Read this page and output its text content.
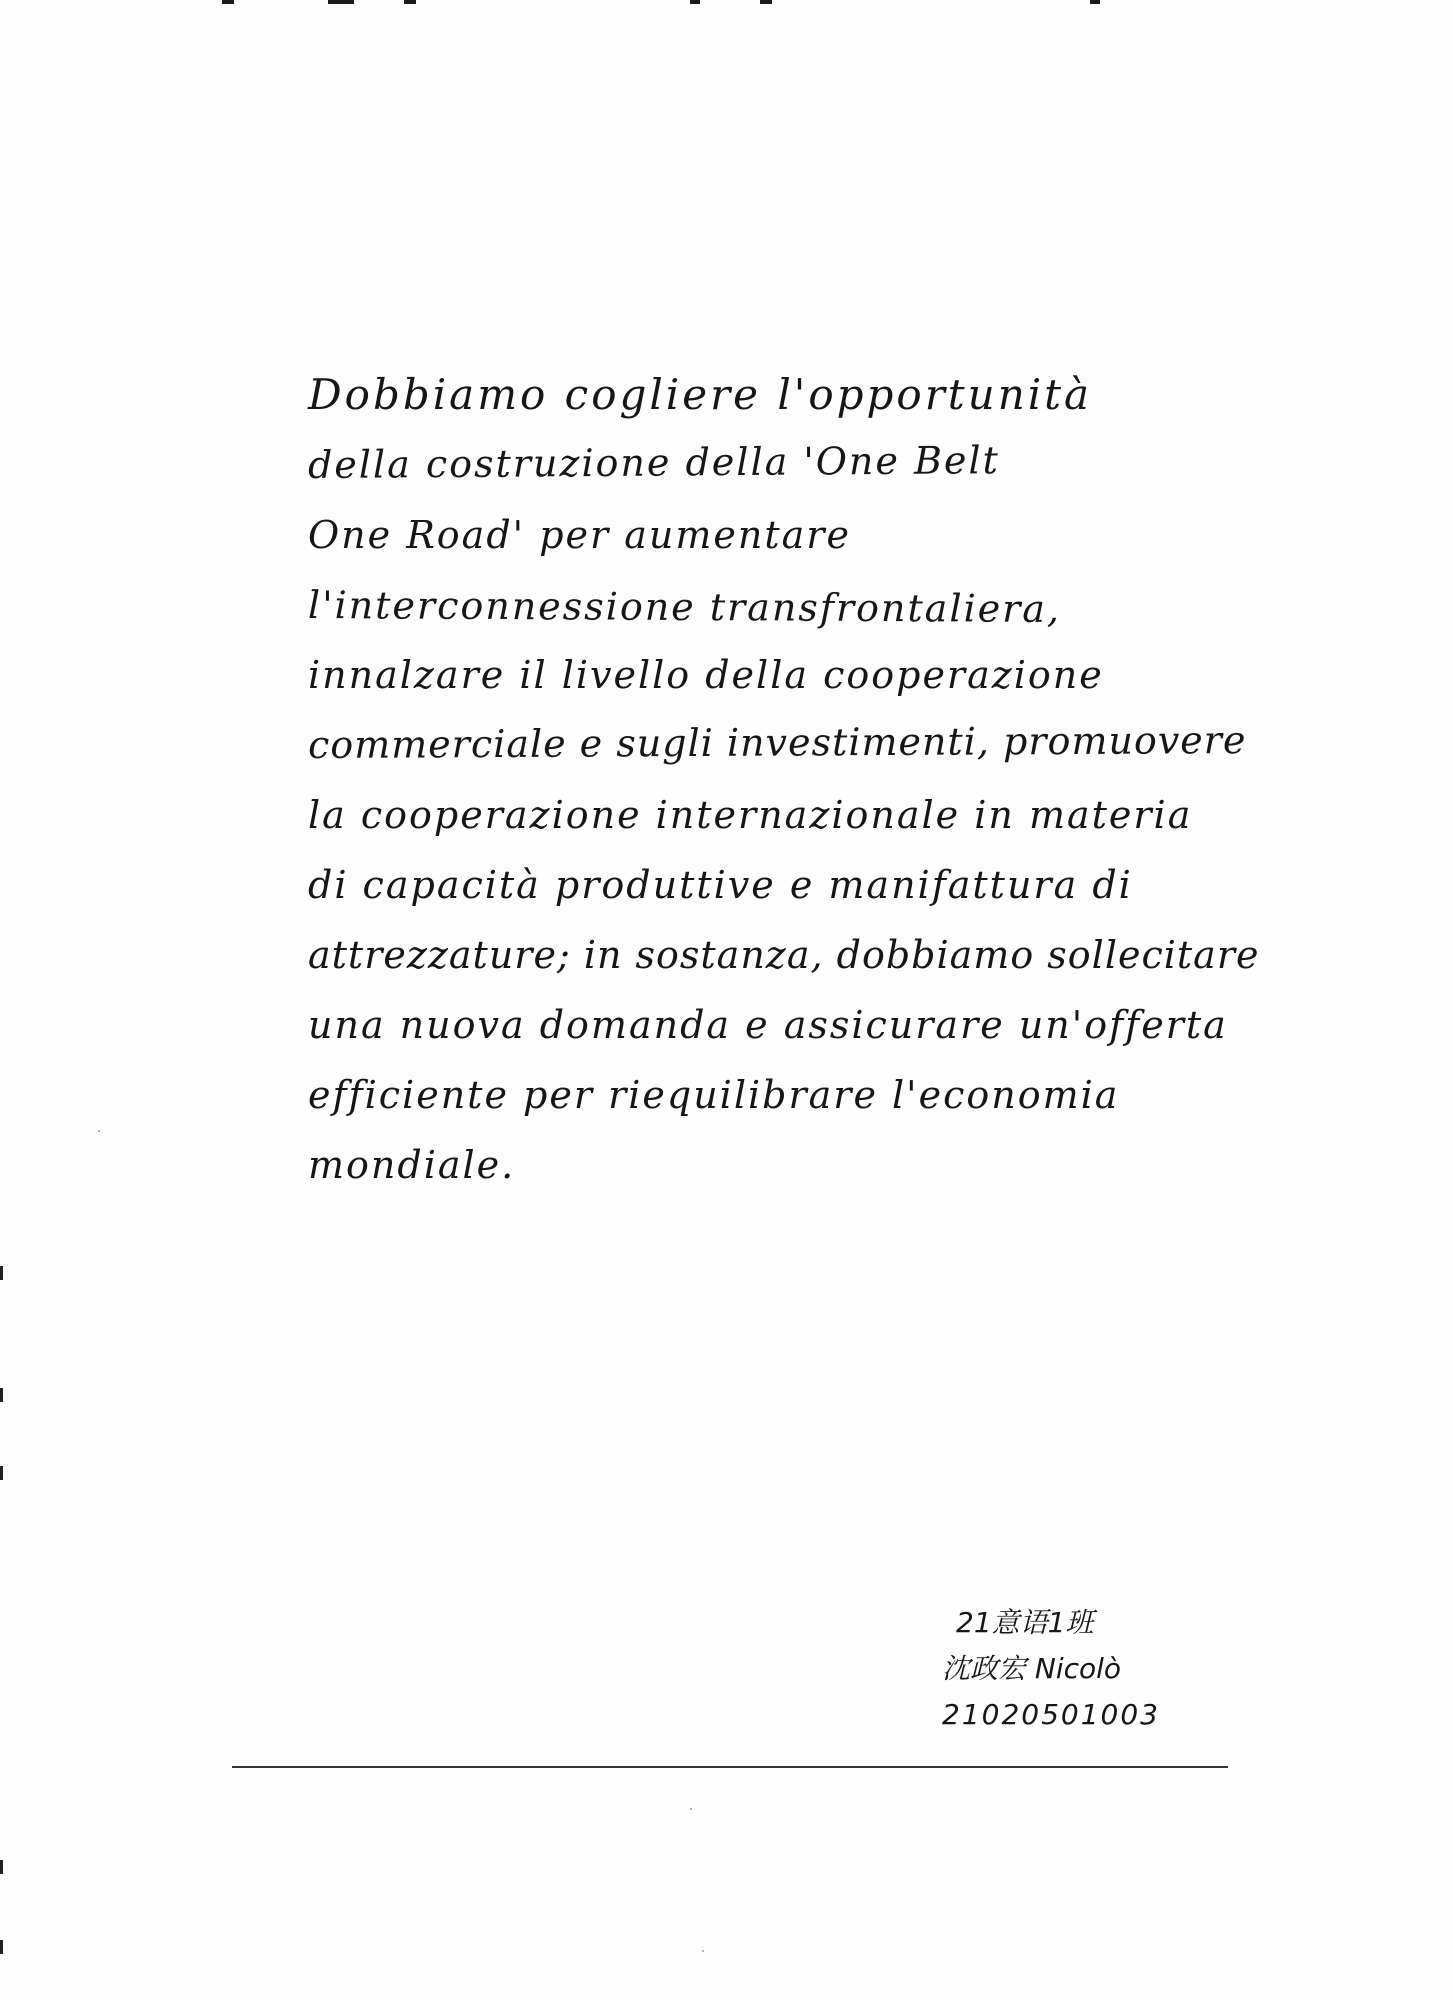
Dobbiamo cogliere l'opportunità
della costruzione della 'One Belt
One Road' per aumentare
l'interconnessione transfrontaliera,
innalzare il livello della cooperazione
commerciale e sugli investimenti, promuovere
la cooperazione internazionale in materia
di capacità produttive e manifattura di
attrezzature; in sostanza, dobbiamo sollecitare
una nuova domanda e assicurare un'offerta
efficiente per riequilibrare l'economia
mondiale.
21意语1班
沈政宏 Nicolò
21020501003
